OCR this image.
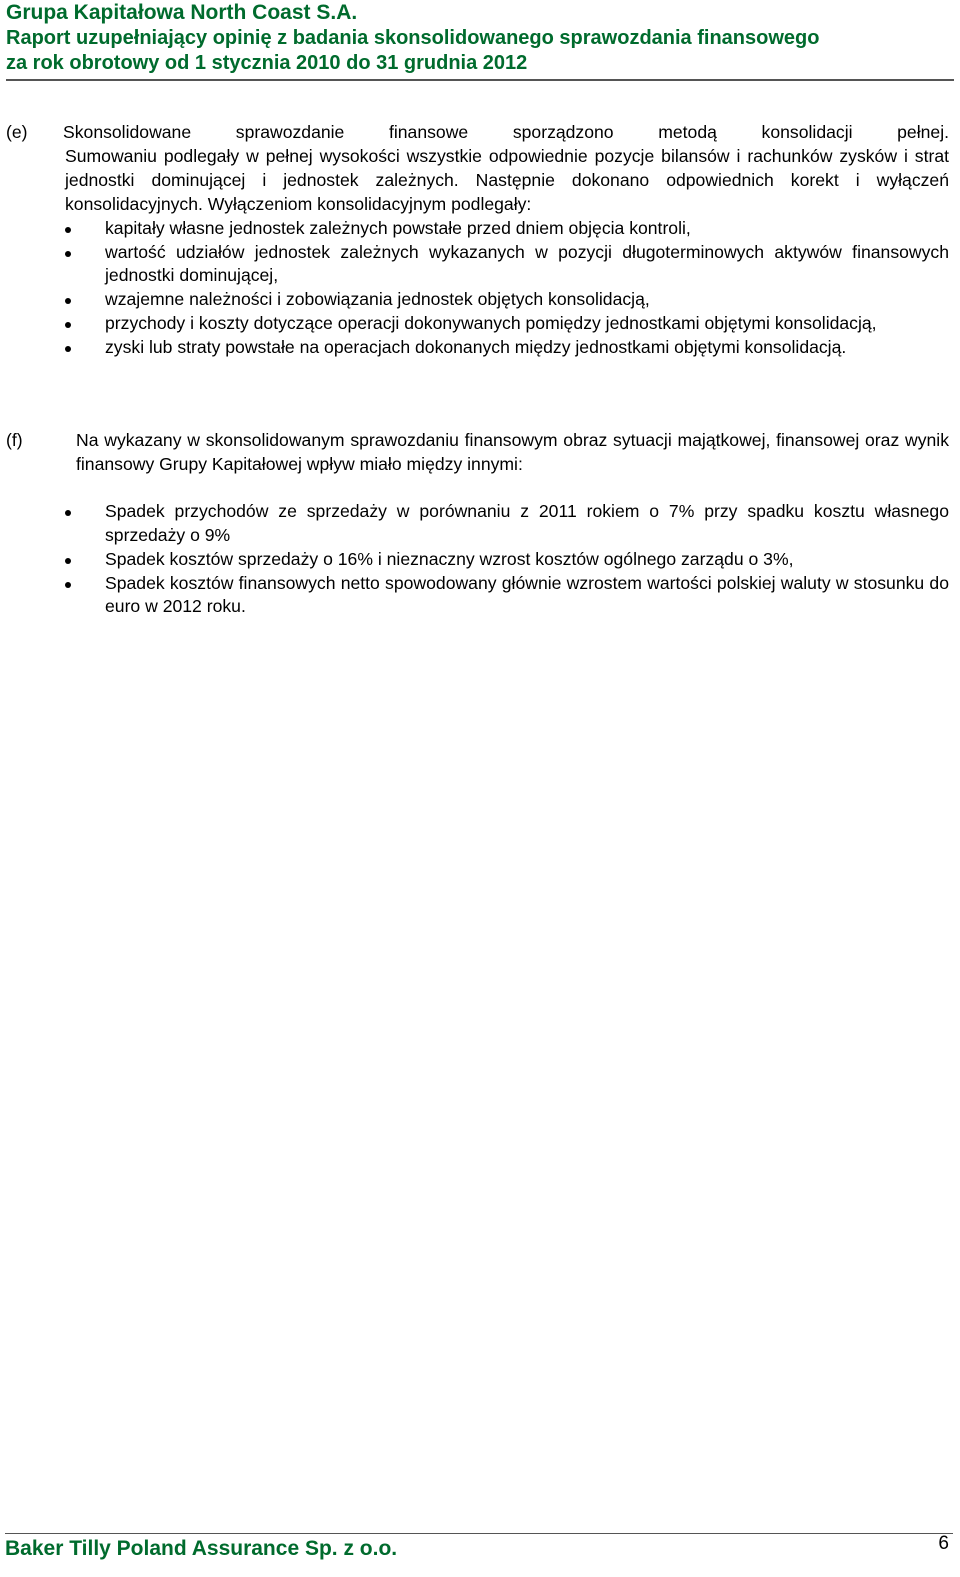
Grupa Kapitałowa North Coast S.A.
Raport uzupełniający opinię z badania skonsolidowanego sprawozdania finansowego
za rok obrotowy od 1 stycznia 2010 do 31 grudnia 2012
(e) Skonsolidowane sprawozdanie finansowe sporządzono metodą konsolidacji pełnej.
Sumowaniu podlegały w pełnej wysokości wszystkie odpowiednie pozycje bilansów i rachunków zysków i strat jednostki dominującej i jednostek zależnych. Następnie dokonano odpowiednich korekt i wyłączeń konsolidacyjnych. Wyłączeniom konsolidacyjnym podlegały:
kapitały własne jednostek zależnych powstałe przed dniem objęcia kontroli,
wartość udziałów jednostek zależnych wykazanych w pozycji długoterminowych aktywów finansowych jednostki dominującej,
wzajemne należności i zobowiązania jednostek objętych konsolidacją,
przychody i koszty dotyczące operacji dokonywanych pomiędzy jednostkami objętymi konsolidacją,
zyski lub straty powstałe na operacjach dokonanych między jednostkami objętymi konsolidacją.
(f)	Na wykazany w skonsolidowanym sprawozdaniu finansowym obraz sytuacji majątkowej, finansowej oraz wynik finansowy Grupy Kapitałowej wpływ miało między innymi:
Spadek przychodów ze sprzedaży w porównaniu z 2011 rokiem o 7% przy spadku kosztu własnego sprzedaży o 9%
Spadek kosztów sprzedaży o 16% i nieznaczny wzrost kosztów ogólnego zarządu o 3%,
Spadek kosztów finansowych netto spowodowany głównie wzrostem wartości polskiej waluty w stosunku do euro w 2012 roku.
Baker Tilly Poland Assurance Sp. z o.o.	6
